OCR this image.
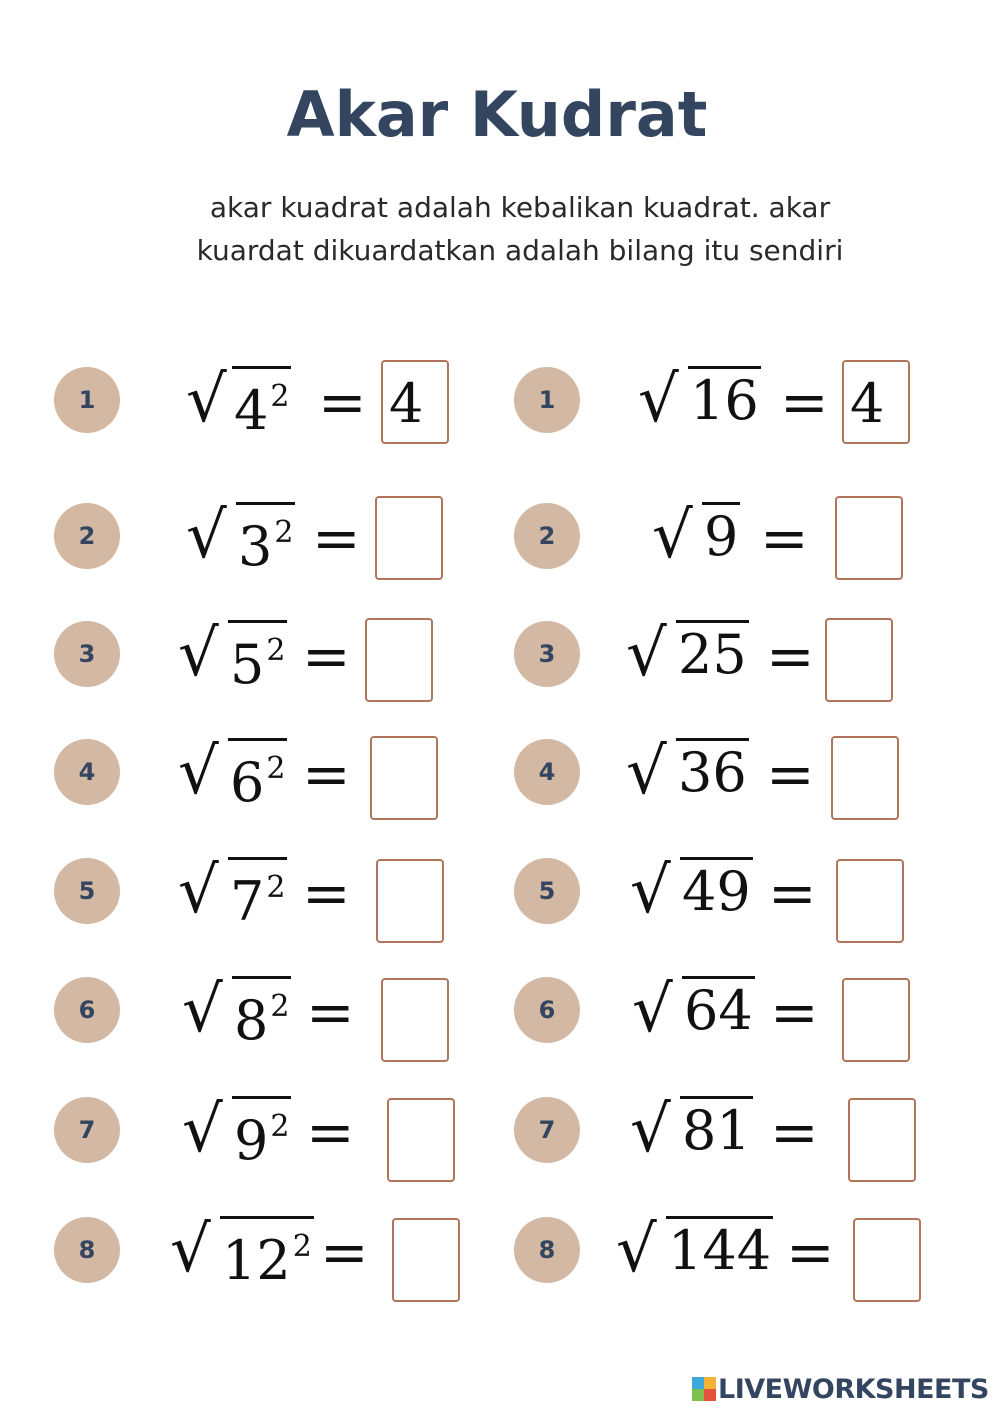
Akar Kudrat
akar kuadrat adalah kebalikan kuadrat. akar
kuardat dikuardatkan adalah bilang itu sendiri
1	√ $4^2 = 4$
2	√ $3^2$ =
3	√ $5^2$ =
4	√ $6^2$ =
5	√ $7^2$ =
6	√ $8^2$ =
7	√ $9^2$ =
8	√ $12^2$ =
1	√ 16 = 4
2	√ 9 =
3	√ 25 =
4	√ 36 =
5	√ 49 =
6	√ 64 =
7	√ 81 =
8 √ 144 =
LIVEWORKSHEETS
